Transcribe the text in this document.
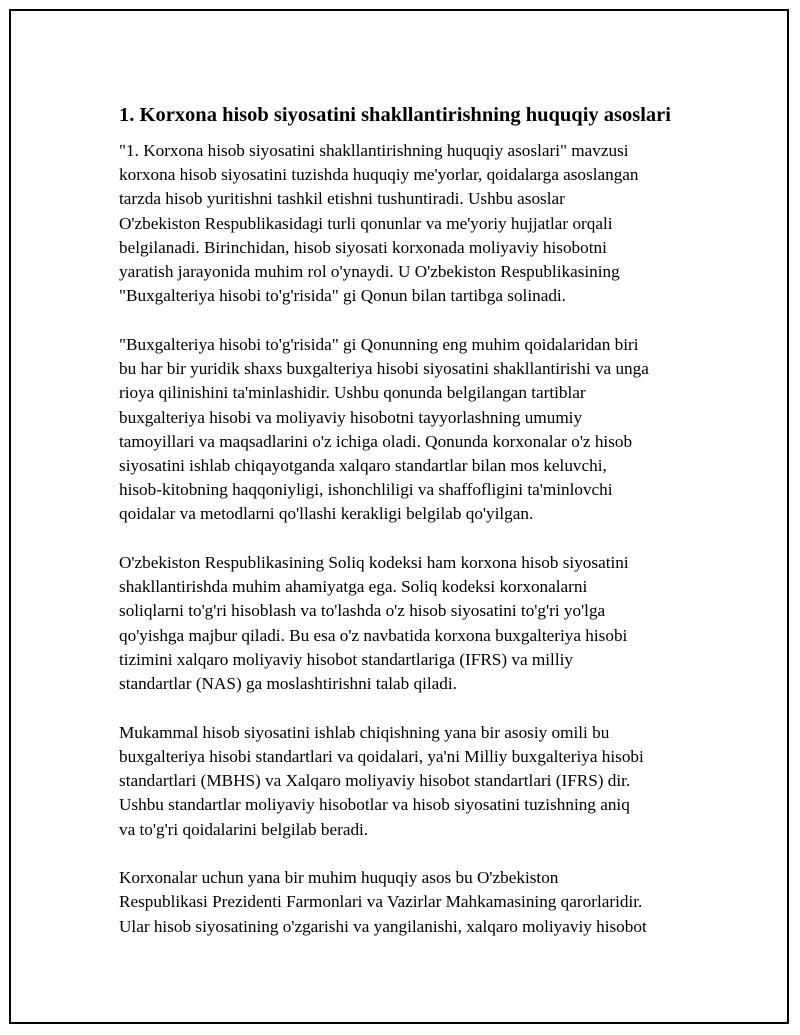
1. Korxona hisob siyosatini shakllantirishning huquqiy asoslari

"1. Korxona hisob siyosatini shakllantirishning huquqiy asoslari" mavzusi
korxona hisob siyosatini tuzishda huquqiy me'yorlar, qoidalarga asoslangan
tarzda hisob yuritishni tashkil etishni tushuntiradi. Ushbu asoslar
O'zbekiston Respublikasidagi turli qonunlar va me'yoriy hujjatlar orqali
belgilanadi. Birinchidan, hisob siyosati korxonada moliyaviy hisobotni
yaratish jarayonida muhim rol o'ynaydi. U O'zbekiston Respublikasining
"Buxgalteriya hisobi to'g'risida" gi Qonun bilan tartibga solinadi.

"Buxgalteriya hisobi to'g'risida" gi Qonunning eng muhim qoidalaridan biri
bu har bir yuridik shaxs buxgalteriya hisobi siyosatini shakllantirishi va unga
rioya qilinishini ta'minlashidir. Ushbu qonunda belgilangan tartiblar
buxgalteriya hisobi va moliyaviy hisobotni tayyorlashning umumiy
tamoyillari va maqsadlarini o'z ichiga oladi. Qonunda korxonalar o'z hisob
siyosatini ishlab chiqayotganda xalqaro standartlar bilan mos keluvchi,
hisob-kitobning haqqoniyligi, ishonchliligi va shaffofligini ta'minlovchi
qoidalar va metodlarni qo'llashi kerakligi belgilab qo'yilgan.

O'zbekiston Respublikasining Soliq kodeksi ham korxona hisob siyosatini
shakllantirishda muhim ahamiyatga ega. Soliq kodeksi korxonalarni
soliqlarni to'g'ri hisoblash va to'lashda o'z hisob siyosatini to'g'ri yo'lga
qo'yishga majbur qiladi. Bu esa o'z navbatida korxona buxgalteriya hisobi
tizimini xalqaro moliyaviy hisobot standartlariga (IFRS) va milliy
standartlar (NAS) ga moslashtirishni talab qiladi.

Mukammal hisob siyosatini ishlab chiqishning yana bir asosiy omili bu
buxgalteriya hisobi standartlari va qoidalari, ya'ni Milliy buxgalteriya hisobi
standartlari (MBHS) va Xalqaro moliyaviy hisobot standartlari (IFRS) dir.
Ushbu standartlar moliyaviy hisobotlar va hisob siyosatini tuzishning aniq
va to'g'ri qoidalarini belgilab beradi.

Korxonalar uchun yana bir muhim huquqiy asos bu O'zbekiston
Respublikasi Prezidenti Farmonlari va Vazirlar Mahkamasining qarorlaridir.
Ular hisob siyosatining o'zgarishi va yangilanishi, xalqaro moliyaviy hisobot
